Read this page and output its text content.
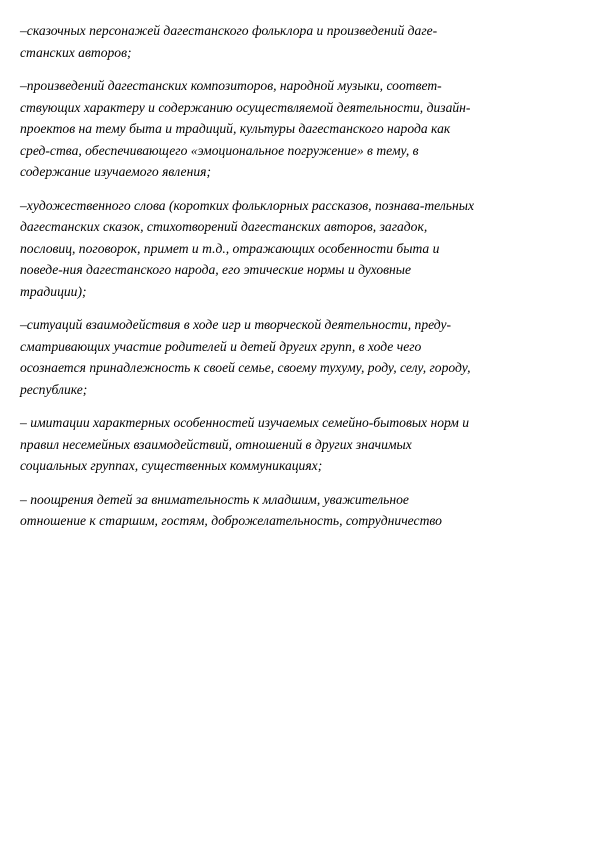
–сказочных персонажей дагестанского фольклора и произведений даге-
станских авторов;

–произведений дагестанских композиторов, народной музыки, соответ-
ствующих характеру и содержанию осуществляемой деятельности, дизайн-
проектов на тему быта и традиций, культуры дагестанского народа как
сред-ства, обеспечивающего «эмоциональное погружение» в тему, в
содержание изучаемого явления;

–художественного слова (коротких фольклорных рассказов, познава-тельных
дагестанских сказок, стихотворений дагестанских авторов, загадок,
пословиц, поговорок, примет и т.д., отражающих особенности быта и
поведе-ния дагестанского народа, его этические нормы и духовные
традиции);

–ситуаций взаимодействия в ходе игр и творческой деятельности, преду-
сматривающих участие родителей и детей других групп, в ходе чего
осознается принадлежность к своей семье, своему тухуму, роду, селу, городу,
республике;

– имитации характерных особенностей изучаемых семейно-бытовых норм и
правил несемейных взаимодействий, отношений в других значимых
социальных группах, существенных коммуникациях;

– поощрения детей за внимательность к младшим, уважительное
отношение к старшим, гостям, доброжелательность, сотрудничество
